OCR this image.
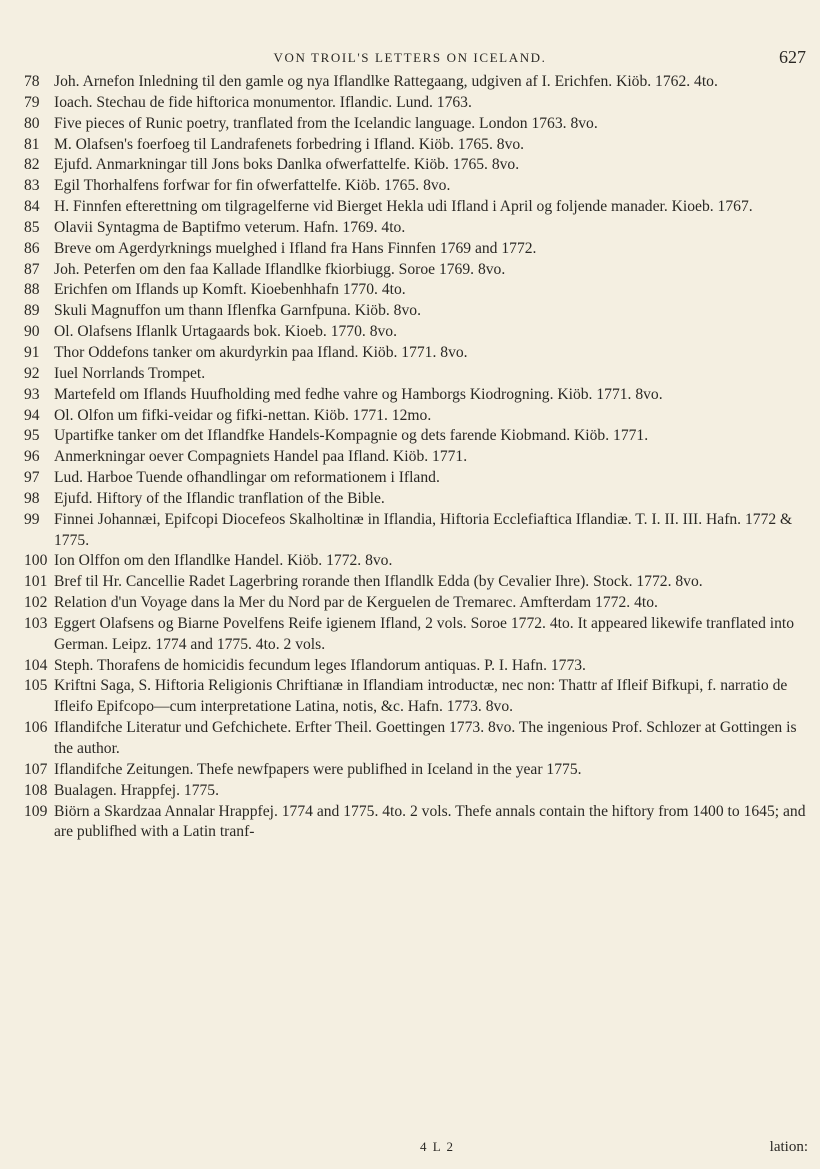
VON TROIL'S LETTERS ON ICELAND.	627
78 Joh. Arnefon Inledning til den gamle og nya Iflandlke Rattegaang, udgiven af I. Erichfen. Kiöb. 1762. 4to.
79 Ioach. Stechau de fide hiftorica monumentor. Iflandic. Lund. 1763.
80 Five pieces of Runic poetry, tranflated from the Icelandic language. London 1763. 8vo.
81 M. Olafsen's foerfoeg til Landrafenets forbedring i Ifland. Kiöb. 1765. 8vo.
82 Ejufd. Anmarkningar till Jons boks Danlka ofwerfattelfe. Kiöb. 1765. 8vo.
83 Egil Thorhalfens forfwar for fin ofwerfattelfe. Kiöb. 1765. 8vo.
84 H. Finnfen efterettning om tilgragelferne vid Bierget Hekla udi Ifland i April og foljende manader. Kioeb. 1767.
85 Olavii Syntagma de Baptifmo veterum. Hafn. 1769. 4to.
86 Breve om Agerdyrknings muelghed i Ifland fra Hans Finnfen 1769 and 1772.
87 Joh. Peterfen om den faa Kallade Iflandlke fkiorbiugg. Soroe 1769. 8vo.
88 Erichfen om Iflands up Komft. Kioebenhhafn 1770. 4to.
89 Skuli Magnuffon um thann Iflenfka Garnfpuna. Kiöb. 8vo.
90 Ol. Olafsens Iflanlk Urtagaards bok. Kioeb. 1770. 8vo.
91 Thor Oddefons tanker om akurdyrkin paa Ifland. Kiöb. 1771. 8vo.
92 Iuel Norrlands Trompet.
93 Martefeld om Iflands Huufholding med fedhe vahre og Hamborgs Kiodrogning. Kiöb. 1771. 8vo.
94 Ol. Olfon um fifki-veidar og fifki-nettan. Kiöb. 1771. 12mo.
95 Upartifke tanker om det Iflandfke Handels-Kompagnie og dets farende Kiobmand. Kiöb. 1771.
96 Anmerkningar oever Compagniets Handel paa Ifland. Kiöb. 1771.
97 Lud. Harboe Tuende ofhandlingar om reformationem i Ifland.
98 Ejufd. Hiftory of the Iflandic tranflation of the Bible.
99 Finnei Johannæi, Epifcopi Diocefeos Skalholtinæ in Iflandia, Hiftoria Ecclefiaftica Iflandiæ. T. I. II. III. Hafn. 1772 & 1775.
100 Ion Olffon om den Iflandlke Handel. Kiöb. 1772. 8vo.
101 Bref til Hr. Cancellie Radet Lagerbring rorande then Iflandlk Edda (by Cevalier Ihre). Stock. 1772. 8vo.
102 Relation d'un Voyage dans la Mer du Nord par de Kerguelen de Tremarec. Amfterdam 1772. 4to.
103 Eggert Olafsens og Biarne Povelfens Reife igienem Ifland, 2 vols. Soroe 1772. 4to. It appeared likewife tranflated into German. Leipz. 1774 and 1775. 4to. 2 vols.
104 Steph. Thorafens de homicidis fecundum leges Iflandorum antiquas. P. I. Hafn. 1773.
105 Kriftni Saga, S. Hiftoria Religionis Chriftianæ in Iflandiam introductæ, nec non: Thattr af Ifleif Bifkupi, f. narratio de Ifleifo Epifcopo—cum interpretatione Latina, notis, &c. Hafn. 1773. 8vo.
106 Iflandifche Literatur und Gefchichete. Erfter Theil. Goettingen 1773. 8vo. The ingenious Prof. Schlozer at Gottingen is the author.
107 Iflandifche Zeitungen. Thefe newfpapers were publifhed in Iceland in the year 1775.
108 Bualagen. Hrappfej. 1775.
109 Biörn a Skardzaa Annalar Hrappfej. 1774 and 1775. 4to. 2 vols. Thefe annals contain the hiftory from 1400 to 1645; and are publifhed with a Latin tranf-
4 L 2	lation:
